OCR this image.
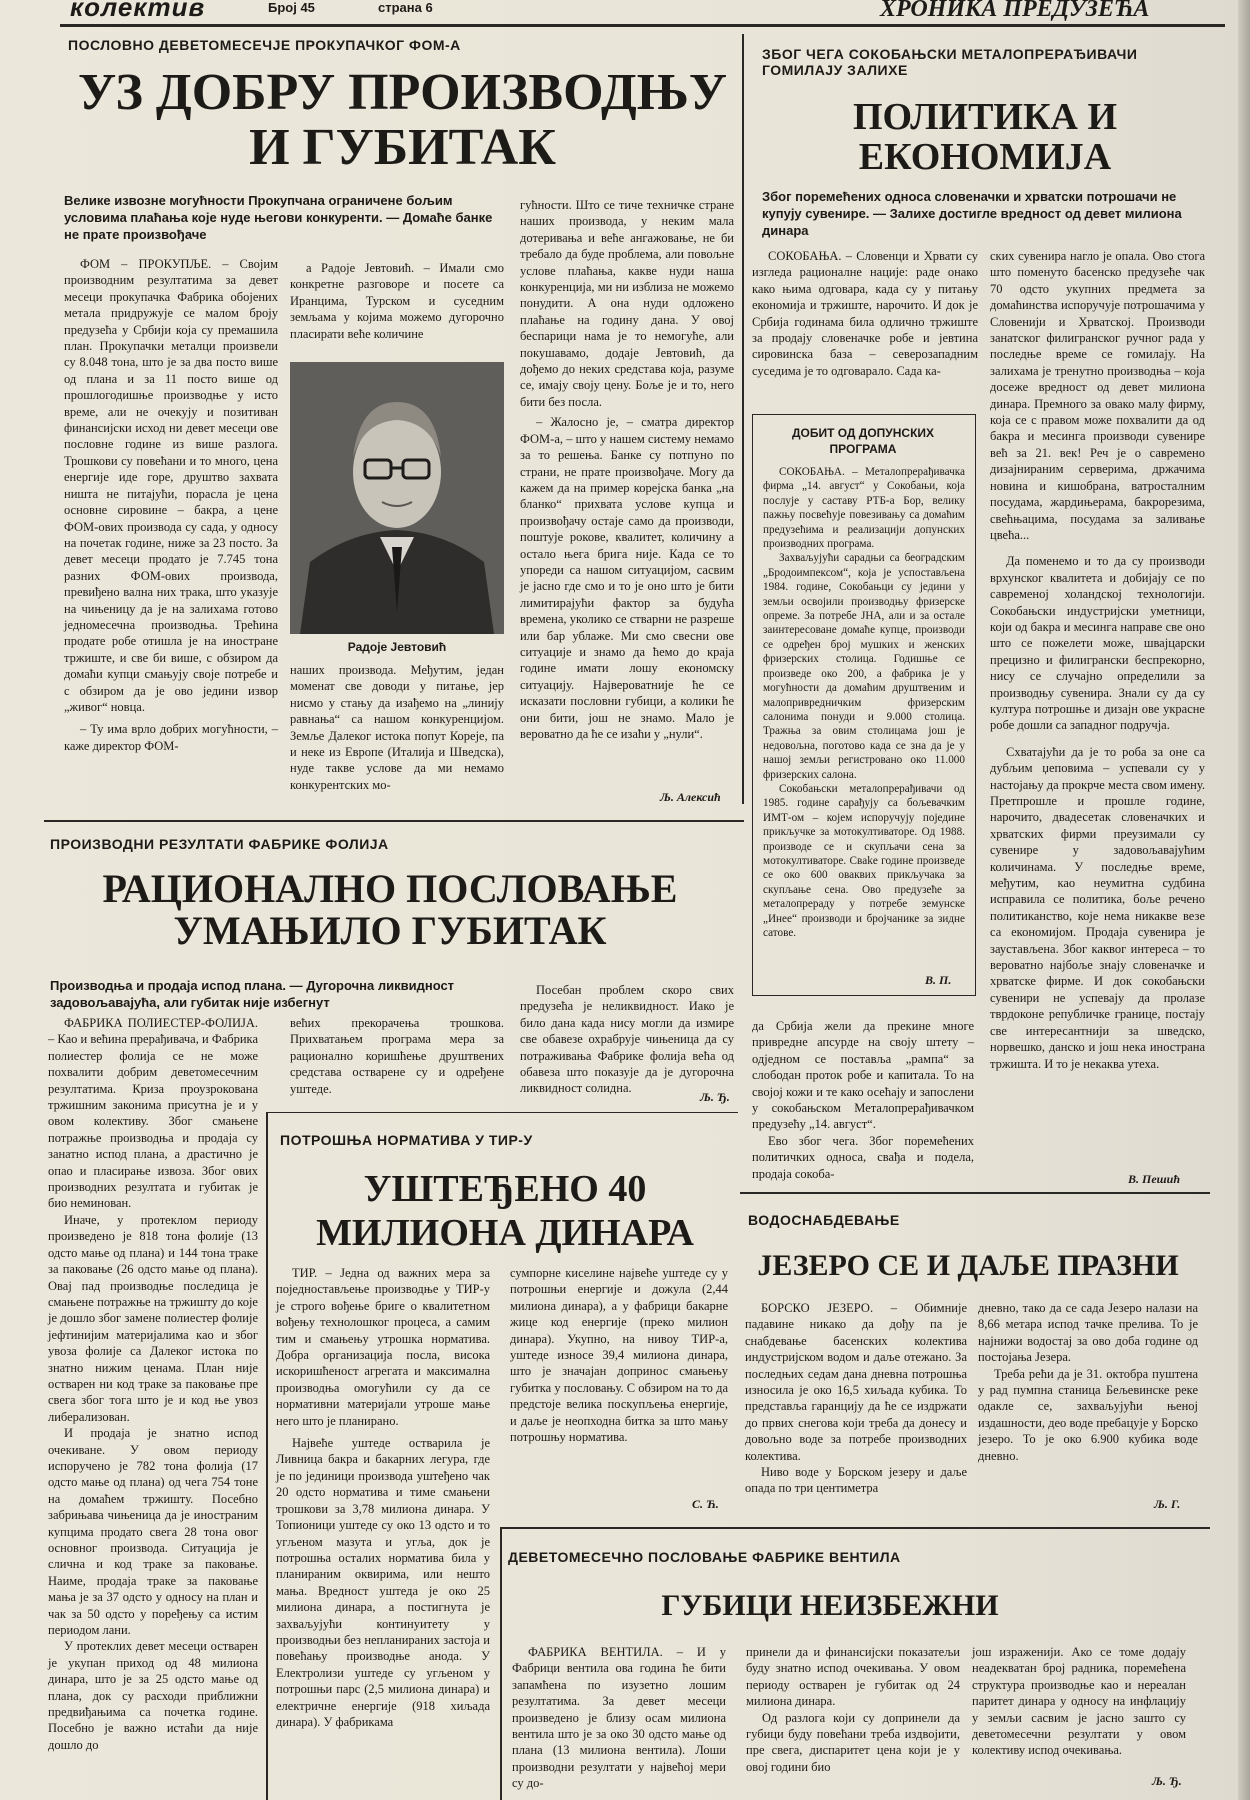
колектив	Број 45	страна 6	ХРОНИКА ПРЕДУЗЕЋА
ПОСЛОВНО ДЕВЕТОМЕСЕЧЈЕ ПРОКУПАЧКОГ ФОМ-А
УЗ ДОБРУ ПРОИЗВОДЊУ И ГУБИТАК
Велике извозне могућности Прокупчана ограничене бољим условима плаћања које нуде његови конкуренти. — Домаће банке не прате произвођаче

ФОМ – ПРОКУПЉЕ. – Својим производним резултатима за девет месеци прокупачка Фабрика обојених метала придружује се малом броју предузећа у Србији која су премашила план. Прокупачки металци произвели су 8.048 тона, што је за два посто више од плана и за 11 посто више од прошлогодишње производње у исто време, али не очекују и позитиван финансијски исход ни девет месеци ове пословне године из више разлога. Трошкови су повећани и то много, цена енергије иде горе, друштво захвата ништа не питајући, порасла је цена основне сировине – бакра, а цене ФОМ-ових производа су сада, у односу на почетак године, ниже за 23 посто. За девет месеци продато је 7.745 тона разних ФОМ-ових производа, превиђено вална них трака, што указује на чињеницу да је на залихама готово једномесечна производња. Трећина продате робе отишла је на иностране тржиште, и све би више, с обзиром да домаћи купци смањују своје потребе и с обзиром да је ово једини извор „живог“ новца.

– Ту има врло добрих могућности, – каже директор ФОМ-

а Радоје Јевтовић. – Имали смо конкретне разговоре и посете са Иранцима, Турском и суседним земљама у којима можемо дугорочно пласирати веће количине

Радоје Јевтовић

наших производа. Међутим, један моменат све доводи у питање, јер нисмо у стању да изађемо на „линију равнања“ са нашом конкуренцијом. Земље Далеког истока попут Кореје, па и неке из Европе (Италија и Шведска), нуде такве услове да ми немамо конкурентских мо-

гућности. Што се тиче техничке стране наших производа, у неким мала дотеривања и веће ангажовање, не би требало да буде проблема, али повољне услове плаћања, какве нуди наша конкуренција, ми ни изблиза не можемо понудити. А она нуди одложено плаћање на годину дана. У овој беспарици нама је то немогуће, али покушавамо, додаје Јевтовић, да дођемо до неких средстава која, разуме се, имају своју цену. Боље је и то, него бити без посла.

– Жалосно је, – сматра директор ФОМ-а, – што у нашем систему немамо за то решења. Банке су потпуно по страни, не прате произвођаче. Могу да кажем да на пример корејска банка „на бланко“ прихвата услове купца и произвођачу остаје само да производи, поштује рокове, квалитет, количину а остало њега брига није. Када се то упореди са нашом ситуацијом, сасвим је јасно где смо и то је оно што је бити лимитирајући фактор за будућа времена, уколико се стварни не разреше или бар ублаже. Ми смо свесни ове ситуације и знамо да ћемо до краја године имати лошу економску ситуацију. Највероватније ће се исказати пословни губици, а колики ће они бити, још не знамо. Мало је вероватно да ће се изаћи у „нули“.

Љ. Алексић
ЗБОГ ЧЕГА СОКОБАЊСКИ МЕТАЛОПРЕРАЂИВАЧИ ГОМИЛАЈУ ЗАЛИХЕ
ПОЛИТИКА И ЕКОНОМИЈА
Због поремећених односа словеначки и хрватски потрошачи не купују сувенире. — Залихе достигле вредност од девет милиона динара

СОКОБАЊА. – Словенци и Хрвати су изгледа рационалне нације: раде онако како њима одговара, када су у питању економија и тржиште, нарочито. И док је Србија годинама била одлично тржиште за продају словеначке робе и јевтина сировинска база – северозападним суседима је то одговарало. Сада ка-

ДОБИТ ОД ДОПУНСКИХ ПРОГРАМА

СОКОБАЊА. – Металопрерађивачка фирма „14. август“ у Сокобањи, која послује у саставу РТБ-а Бор, велику пажњу посвећује повезивању са домаћим предузећима и реализацији допунских производних програма.

Захваљујући сарадњи са београдским „Бродоимпексом“, која је успостављена 1984. године, Сокобањци су једини у земљи освојили производњу фризерске опреме. За потребе ЈНА, али и за остале заинтересоване домаће купце, производи се одређен број мушких и женских фризерских столица. Годишње се произведе око 200, а фабрика је у могућности да домаћим друштвеним и малопривредничким фризерским салонима понуди и 9.000 столица. Тражња за овим столицама још је недовољна, поготово када се зна да је у нашој земљи регистровано око 11.000 фризерских салона.

Сокобањски металопрерађивачи од 1985. године сарађују са бољевачким ИМТ-ом – којем испоручују поједине прикључке за мотокултиваторе. Од 1988. производе се и скупљачи сена за мотокултиваторе. Свake године произведе се око 600 оваквих прикључака за скупљање сена. Ово предузеће за металопрераду у потребе земунске „Инее“ производи и бројчанике за зидне сатове.

В. П.

да Србија жели да прекине многе привредне апсурде на своју штету – одједном се поставља „рампа“ за слободан проток робе и капитала. То на својој кожи и те како осећају и запослени у сокобањском Металопрерађивачком предузећу „14. август“.

Ево због чега. Због поремећених политичких односа, свађа и подела, продаја сокоба-

ских сувенира нагло је опала. Ово стога што поменуто басенско предузеће чак 70 одсто укупних предмета за домаћинства испоручује потрошачима у Словенији и Хрватској. Производи занатског филигранског ручног рада у последње време се гомилају. На залихама је тренутно производња – која досеже вредност од девет милиона динара. Премного за овако малу фирму, која се с правом може похвалити да од бакра и месинга производи сувенире већ за 21. век! Реч је о савремено дизајнираним серверима, држачима новина и кишобрана, ватросталним посудама, жардињерама, бакрорезима, свећњацима, посудама за заливање цвећа...

Да поменемо и то да су производи врхунског квалитета и добијају се по савременој холандској технологији. Сокобањски индустријски уметници, који од бакра и месинга направе све оно што се пожелети може, швајцарски прецизно и филигрански беспрекорно, нису се случајно определили за производњу сувенира. Знали су да су култура потрошње и дизајн ове украсне робе дошли са западног подручја.

Схватајући да је то роба за оне са дубљим џеповима – успевали су у настојању да прокрче места свом имену. Претпрошле и прошле године, нарочито, двадесетак словеначких и хрватских фирми преузимали су сувенире у задовољавајућим количинама. У последње време, међутим, као неумитна судбина исправила се политика, боље речено политиканство, које нема никакве везе са економијом. Продаја сувенира је заустављена. Због каквог интереса – то вероватно најбоље знају словеначке и хрватске фирме. И док сокобањски сувенири не успевају да пролазе тврдоконе републичке границе, постају све интересантнији за шведско, норвешко, данско и још нека инострана тржишта. И то је некаква утеха.

В. Пешић
ПРОИЗВОДНИ РЕЗУЛТАТИ ФАБРИКЕ ФОЛИЈА
РАЦИОНАЛНО ПОСЛОВАЊЕ УМАЊИЛО ГУБИТАК
Производња и продаја испод плана. — Дугорочна ликвидност задовољавајућа, али губитак није избегнут

ФАБРИКА ПОЛИЕСТЕР-ФОЛИЈА. – Као и већина прерађивача, и Фабрика полиестер фолија се не може похвалити добрим деветомесечним резултатима. Криза проузрокована тржишним законима присутна је и у овом колективу. Због смањене потражње производња и продаја су занатно испод плана, а драстично је опао и пласирање извоза. Због ових производних резултата и губитак је био неминован.

Иначе, у протеклом периоду произведено је 818 тона фолије (13 одсто мање од плана) и 144 тона траке за паковање (26 одсто мање од плана). Овај пад производње последица је смањене потражње на тржишту до које је дошло због замене полиестер фолије јефтинијим материјалима као и због увоза фолије са Далеког истока по знатно нижим ценама. План није остварен ни код траке за паковање пре свега због тога што је и код ње увоз либерализован.

И продаја је знатно испод очекиване. У овом периоду испоручено је 782 тона фолија (17 одсто мање од плана) од чега 754 тоне на домаћем тржишту. Посебно забрињава чињеница да је иностраним купцима продато свега 28 тона овог основног производа. Ситуација је слична и код траке за паковање. Наиме, продаја траке за паковање мања је за 37 одсто у односу на план и чак за 50 одсто у поређењу са истим периодом лани.

У протеклих девет месеци остварен је укупан приход од 48 милиона динара, што је за 25 одсто мање од плана, док су расходи приближни предвиђањима са почетка године. Посебно је важно истаћи да није дошло до

већих прекорачења трошкова. Прихватањем програма мера за рационално коришћење друштвених средстава остварене су и одређене уштеде.

Посебан проблем скоро свих предузећа је неликвидност. Иако је било дана када нису могли да измире све обавезе охрабрује чињеница да су потраживања Фабрике фолија већа од обавеза што показује да је дугорочна ликвидност солидна.

Љ. Ђ.
ПОТРОШЊА НОРМАТИВА У ТИР-У
УШТЕЂЕНО 40 МИЛИОНА ДИНАРА

ТИР. – Једна од важних мера за поједностављење производње у ТИР-у је строго вођење бриге о квалитетном вођењу технолошког процеса, а самим тим и смањењу утрошка норматива. Добра организација посла, висока искоришћеност агрегата и максимална производња омогућили су да се нормативни материјали утроше мање него што је планирано.

Највеће уштеде остварила је Ливница бакра и бакарних легура, где је по јединици производа уштеђено чак 20 одсто норматива и тиме смањени трошкови за 3,78 милиона динара. У Топионици уштеде су око 13 одсто и то угљеном мазута и угља, док је потрошња осталих норматива била у планираним оквирима, или нешто мања. Вредност уштеда је око 25 милиона динара, а постигнута је захваљујући континуитету у производњи без непланираних застоја и повећању производње анода. У Електролизи уштеде су угљеном у потрошњи парс (2,5 милиона динара) и електричне енергије (918 хиљада динара). У фабрикама

сумпорне киселине највеће уштеде су у потрошњи енергије и дожула (2,44 милиона динара), а у фабрици бакарне жице код енергије (преко милион динара). Укупно, на нивоу ТИР-а, уштеде износе 39,4 милиона динара, што је значајан допринос смањењу губитка у пословању. С обзиром на то да предстоје велика поскупљења енергије, и даље је неопходна битка за што мању потрошњу норматива.

С. Ћ.
ВОДОСНАБДЕВАЊЕ
ЈЕЗЕРО СЕ И ДАЉЕ ПРАЗНИ

БОРСКО ЈЕЗЕРО. – Обимније падавине никако да дођу па је снабдевање басенских колектива индустријском водом и даље отежано. За последњих седам дана дневна потрошња износила је око 16,5 хиљада кубика. То представља гаранцију да ће се издржати до првих снегова који треба да донесу и довољно воде за потребе производних колектива.

Ниво воде у Борском језеру и даље опада по три центиметра

дневно, тако да се сада Језеро налази на 8,66 метара испод тачке прелива. То је најнижи водостај за ово доба године од постојања Језера.

Треба рећи да је 31. октобра пуштена у рад пумпна станица Бељевинске реке одакле се, захваљујући њеној издашности, део воде пребацује у Борско језеро. То је око 6.900 кубика воде дневно.

Љ. Г.
ДЕВЕТОМЕСЕЧНО ПОСЛОВАЊЕ ФАБРИКЕ ВЕНТИЛА
ГУБИЦИ НЕИЗБЕЖНИ

ФАБРИКА ВЕНТИЛА. – И у Фабрици вентила ова година ће бити запамћена по изузетно лошим резултатима. За девет месеци произведено је близу осам милиона вентила што је за око 30 одсто мање од плана (13 милиона вентила). Лоши производни резултати у највећој мери су до-

принели да и финансијски показатељи буду знатно испод очекивања. У овом периоду остварен је губитак од 24 милиона динара.

Од разлога који су допринели да губици буду повећани треба издвојити, пре свега, диспаритет цена који је у овој години био

још израженији. Ако се томе додају неадекватан број радника, поремећена структура производње као и нереалан паритет динара у односу на инфлацију у земљи сасвим је јасно зашто су деветомесечни резултати у овом колективу испод очекивања.

Љ. Ђ.
